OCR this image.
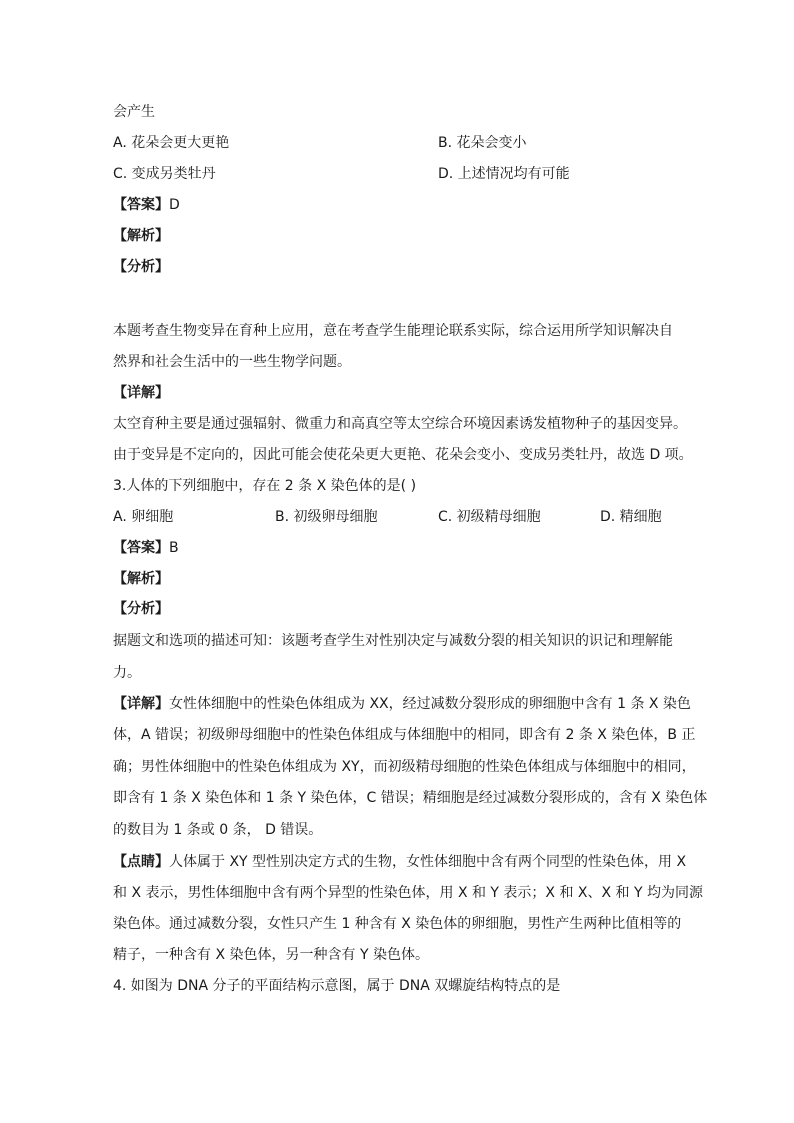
会产生
A. 花朵会更大更艳	B. 花朵会变小
C. 变成另类牡丹	D. 上述情况均有可能
【答案】D
【解析】
【分析】
本题考查生物变异在育种上应用，意在考查学生能理论联系实际，综合运用所学知识解决自
然界和社会生活中的一些生物学问题。
【详解】
太空育种主要是通过强辐射、微重力和高真空等太空综合环境因素诱发植物种子的基因变异。
由于变异是不定向的，因此可能会使花朵更大更艳、花朵会变小、变成另类牡丹，故选 D 项。
3.人体的下列细胞中，存在 2 条 X 染色体的是( )
A. 卵细胞	B. 初级卵母细胞	C. 初级精母细胞	D. 精细胞
【答案】B
【解析】
【分析】
据题文和选项的描述可知：该题考查学生对性别决定与减数分裂的相关知识的识记和理解能
力。
【详解】女性体细胞中的性染色体组成为 XX，经过减数分裂形成的卵细胞中含有 1 条 X 染色
体，A 错误；初级卵母细胞中的性染色体组成与体细胞中的相同，即含有 2 条 X 染色体，B 正
确；男性体细胞中的性染色体组成为 XY，而初级精母细胞的性染色体组成与体细胞中的相同，
即含有 1 条 X 染色体和 1 条 Y 染色体，C 错误；精细胞是经过减数分裂形成的，含有 X 染色体
的数目为 1 条或 0 条， D 错误。
【点睛】人体属于 XY 型性别决定方式的生物，女性体细胞中含有两个同型的性染色体，用 X
和 X 表示，男性体细胞中含有两个异型的性染色体，用 X 和 Y 表示；X 和 X、X 和 Y 均为同源
染色体。通过减数分裂，女性只产生 1 种含有 X 染色体的卵细胞，男性产生两种比值相等的
精子，一种含有 X 染色体，另一种含有 Y 染色体。
4. 如图为 DNA 分子的平面结构示意图，属于 DNA 双螺旋结构特点的是
